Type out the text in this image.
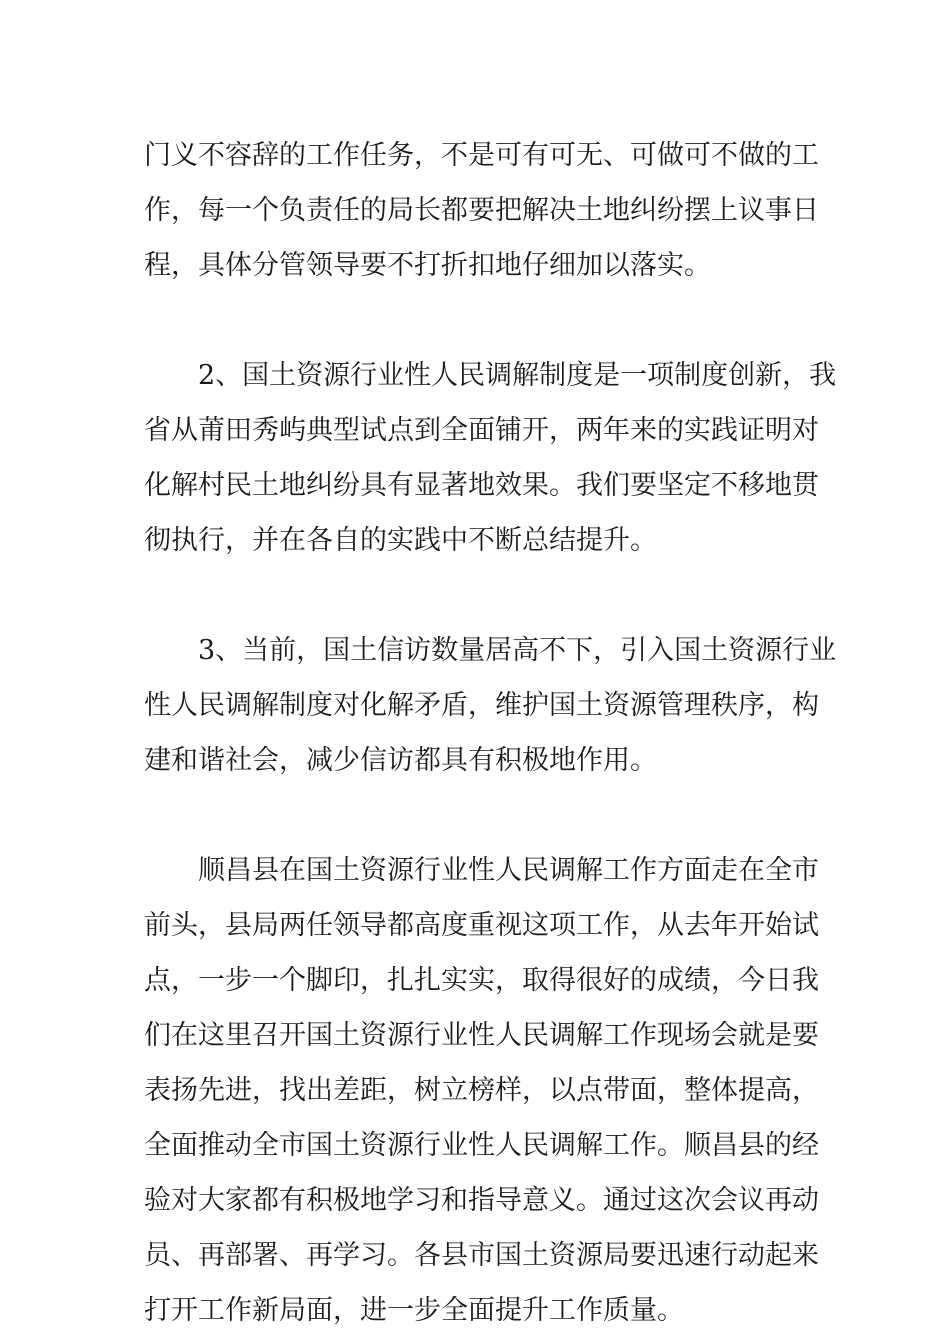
门义不容辞的工作任务，不是可有可无、可做可不做的工
作，每一个负责任的局长都要把解决土地纠纷摆上议事日
程，具体分管领导要不打折扣地仔细加以落实。
2、国土资源行业性人民调解制度是一项制度创新，我
省从莆田秀屿典型试点到全面铺开，两年来的实践证明对
化解村民土地纠纷具有显著地效果。我们要坚定不移地贯
彻执行，并在各自的实践中不断总结提升。
3、当前，国土信访数量居高不下，引入国土资源行业
性人民调解制度对化解矛盾，维护国土资源管理秩序，构
建和谐社会，减少信访都具有积极地作用。
顺昌县在国土资源行业性人民调解工作方面走在全市
前头，县局两任领导都高度重视这项工作，从去年开始试
点，一步一个脚印，扎扎实实，取得很好的成绩，今日我
们在这里召开国土资源行业性人民调解工作现场会就是要
表扬先进，找出差距，树立榜样，以点带面，整体提高，
全面推动全市国土资源行业性人民调解工作。顺昌县的经
验对大家都有积极地学习和指导意义。通过这次会议再动
员、再部署、再学习。各县市国土资源局要迅速行动起来
打开工作新局面，进一步全面提升工作质量。
